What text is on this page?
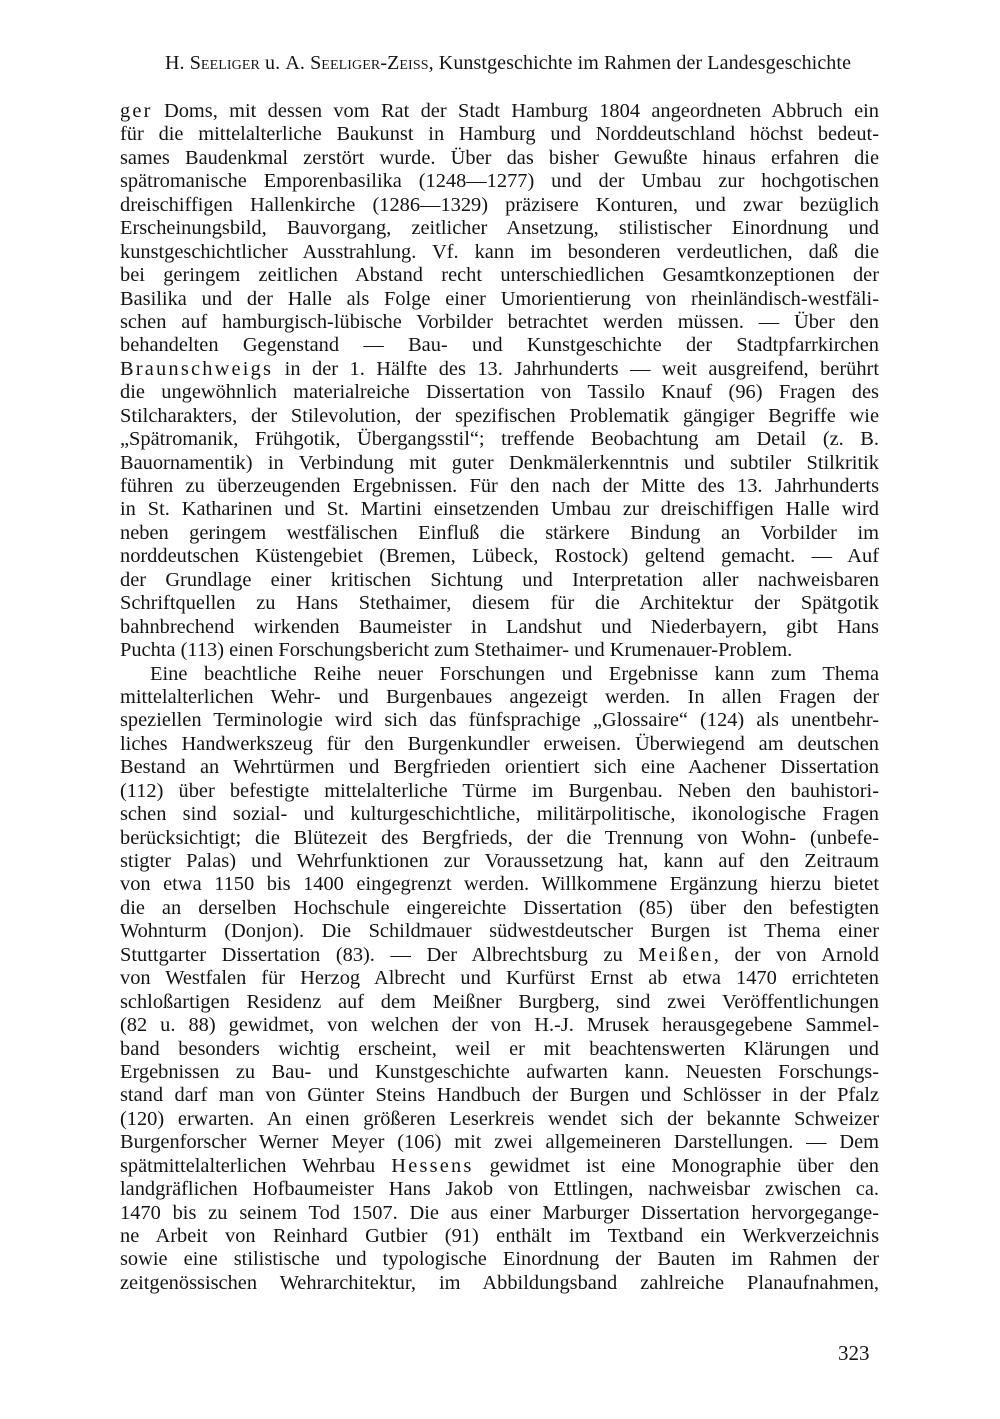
H. Seeliger u. A. Seeliger-Zeiss, Kunstgeschichte im Rahmen der Landesgeschichte
ger Doms, mit dessen vom Rat der Stadt Hamburg 1804 angeordneten Abbruch ein
für die mittelalterliche Baukunst in Hamburg und Norddeutschland höchst bedeut-
sames Baudenkmal zerstört wurde. Über das bisher Gewußte hinaus erfahren die
spätromanische Emporenbasilika (1248—1277) und der Umbau zur hochgotischen
dreischiffigen Hallenkirche (1286—1329) präzisere Konturen, und zwar bezüglich
Erscheinungsbild, Bauvorgang, zeitlicher Ansetzung, stilistischer Einordnung und
kunstgeschichtlicher Ausstrahlung. Vf. kann im besonderen verdeutlichen, daß die
bei geringem zeitlichen Abstand recht unterschiedlichen Gesamtkonzeptionen der
Basilika und der Halle als Folge einer Umorientierung von rheinländisch-westfäli-
schen auf hamburgisch-lübische Vorbilder betrachtet werden müssen. — Über den
behandelten Gegenstand — Bau- und Kunstgeschichte der Stadtpfarrkirchen
Braunschweigs in der 1. Hälfte des 13. Jahrhunderts — weit ausgreifend, berührt
die ungewöhnlich materialreiche Dissertation von Tassilo Knauf (96) Fragen des
Stilcharakters, der Stilevolution, der spezifischen Problematik gängiger Begriffe wie
„Spätromanik, Frühgotik, Übergangsstil“; treffende Beobachtung am Detail (z. B.
Bauornamentik) in Verbindung mit guter Denkmälerkenntnis und subtiler Stilkritik
führen zu überzeugenden Ergebnissen. Für den nach der Mitte des 13. Jahrhunderts
in St. Katharinen und St. Martini einsetzenden Umbau zur dreischiffigen Halle wird
neben geringem westfälischen Einfluß die stärkere Bindung an Vorbilder im
norddeutschen Küstengebiet (Bremen, Lübeck, Rostock) geltend gemacht. — Auf
der Grundlage einer kritischen Sichtung und Interpretation aller nachweisbaren
Schriftquellen zu Hans Stethaimer, diesem für die Architektur der Spätgotik
bahnbrechend wirkenden Baumeister in Landshut und Niederbayern, gibt Hans
Puchta (113) einen Forschungsbericht zum Stethaimer- und Krumenauer-Problem.
Eine beachtliche Reihe neuer Forschungen und Ergebnisse kann zum Thema
mittelalterlichen Wehr- und Burgenbaues angezeigt werden. In allen Fragen der
speziellen Terminologie wird sich das fünfsprachige „Glossaire“ (124) als unentbehr-
liches Handwerkszeug für den Burgenkundler erweisen. Überwiegend am deutschen
Bestand an Wehrtürmen und Bergfrieden orientiert sich eine Aachener Dissertation
(112) über befestigte mittelalterliche Türme im Burgenbau. Neben den bauhistori-
schen sind sozial- und kulturgeschichtliche, militärpolitische, ikonologische Fragen
berücksichtigt; die Blütezeit des Bergfrieds, der die Trennung von Wohn- (unbefe-
stigter Palas) und Wehrfunktionen zur Voraussetzung hat, kann auf den Zeitraum
von etwa 1150 bis 1400 eingegrenzt werden. Willkommene Ergänzung hierzu bietet
die an derselben Hochschule eingereichte Dissertation (85) über den befestigten
Wohnturm (Donjon). Die Schildmauer südwestdeutscher Burgen ist Thema einer
Stuttgarter Dissertation (83). — Der Albrechtsburg zu Meißen, der von Arnold
von Westfalen für Herzog Albrecht und Kurfürst Ernst ab etwa 1470 errichteten
schloßartigen Residenz auf dem Meißner Burgberg, sind zwei Veröffentlichungen
(82 u. 88) gewidmet, von welchen der von H.-J. Mrusek herausgegebene Sammel-
band besonders wichtig erscheint, weil er mit beachtenswerten Klärungen und
Ergebnissen zu Bau- und Kunstgeschichte aufwarten kann. Neuesten Forschungs-
stand darf man von Günter Steins Handbuch der Burgen und Schlösser in der Pfalz
(120) erwarten. An einen größeren Leserkreis wendet sich der bekannte Schweizer
Burgenforscher Werner Meyer (106) mit zwei allgemeineren Darstellungen. — Dem
spätmittelalterlichen Wehrbau Hessens gewidmet ist eine Monographie über den
landgräflichen Hofbaumeister Hans Jakob von Ettlingen, nachweisbar zwischen ca.
1470 bis zu seinem Tod 1507. Die aus einer Marburger Dissertation hervorgegange-
ne Arbeit von Reinhard Gutbier (91) enthält im Textband ein Werkverzeichnis
sowie eine stilistische und typologische Einordnung der Bauten im Rahmen der
zeitgenössischen Wehrarchitektur, im Abbildungsband zahlreiche Planaufnahmen,
323
